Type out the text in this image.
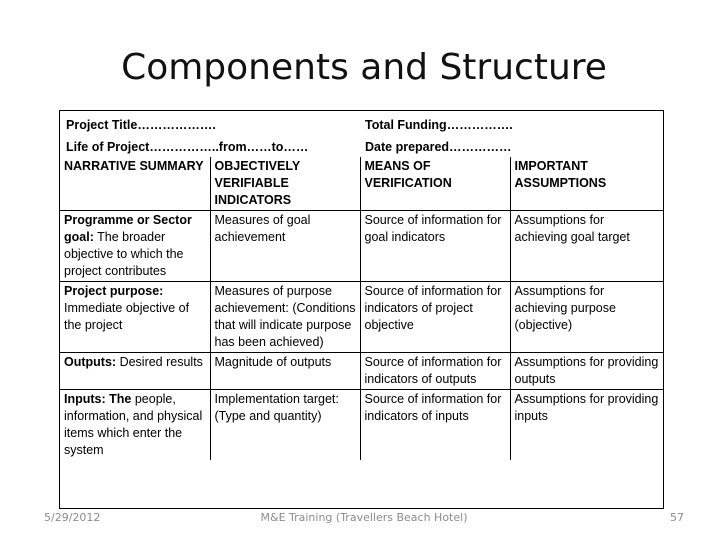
Components and Structure
Project Title……………….
Life of Project……………..from……to……
Total Funding…………….
Date prepared……………
NARRATIVE SUMMARY	OBJECTIVELY VERIFIABLE INDICATORS	MEANS OF VERIFICATION	IMPORTANT ASSUMPTIONS
Programme or Sector goal: The broader objective to which the project contributes	Measures of goal achievement	Source of information for goal indicators	Assumptions for achieving goal target
Project purpose: Immediate objective of the project	Measures of purpose achievement: (Conditions that will indicate purpose has been achieved)	Source of information for indicators of project objective	Assumptions for achieving purpose (objective)
Outputs: Desired results	Magnitude of outputs	Source of information for indicators of outputs	Assumptions for providing outputs
Inputs: The people, information, and physical items which enter the system	Implementation target: (Type and quantity)	Source of information for indicators of inputs	Assumptions for providing inputs
5/29/2012	M&E Training (Travellers Beach Hotel)	57
